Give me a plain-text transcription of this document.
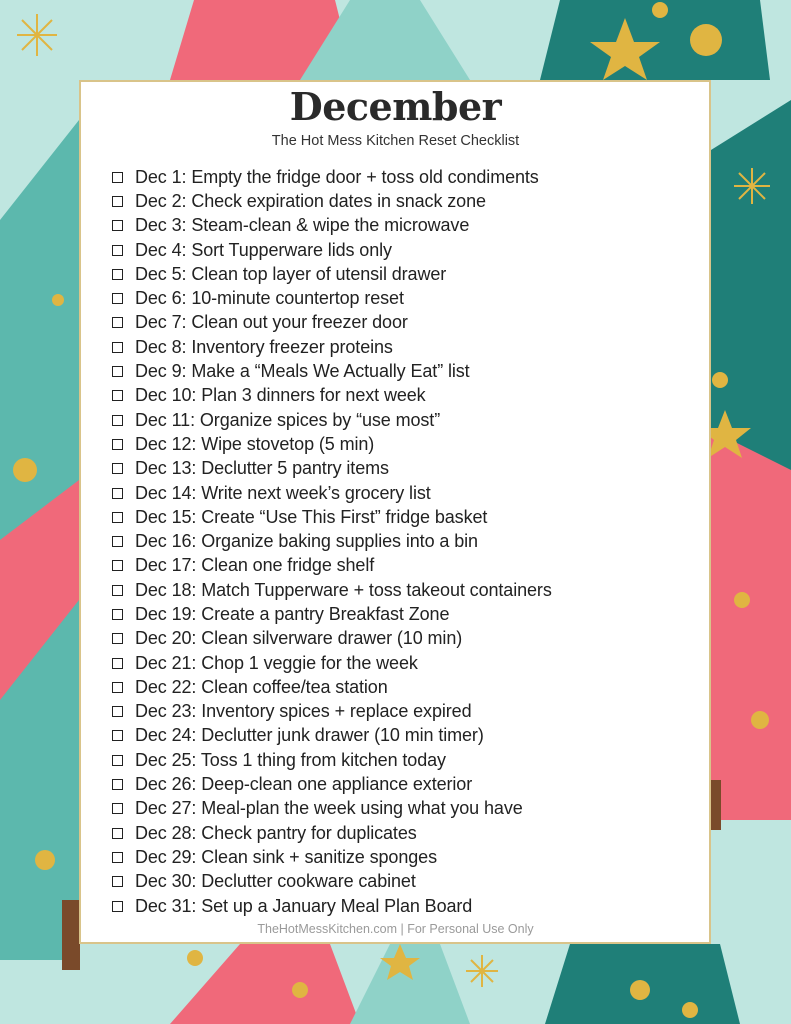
December
The Hot Mess Kitchen Reset Checklist
Dec 1: Empty the fridge door + toss old condiments
Dec 2: Check expiration dates in snack zone
Dec 3: Steam-clean & wipe the microwave
Dec 4: Sort Tupperware lids only
Dec 5: Clean top layer of utensil drawer
Dec 6: 10-minute countertop reset
Dec 7: Clean out your freezer door
Dec 8: Inventory freezer proteins
Dec 9: Make a “Meals We Actually Eat” list
Dec 10: Plan 3 dinners for next week
Dec 11: Organize spices by “use most”
Dec 12: Wipe stovetop (5 min)
Dec 13: Declutter 5 pantry items
Dec 14: Write next week’s grocery list
Dec 15: Create “Use This First” fridge basket
Dec 16: Organize baking supplies into a bin
Dec 17: Clean one fridge shelf
Dec 18: Match Tupperware + toss takeout containers
Dec 19: Create a pantry Breakfast Zone
Dec 20: Clean silverware drawer (10 min)
Dec 21: Chop 1 veggie for the week
Dec 22: Clean coffee/tea station
Dec 23: Inventory spices + replace expired
Dec 24: Declutter junk drawer (10 min timer)
Dec 25: Toss 1 thing from kitchen today
Dec 26: Deep-clean one appliance exterior
Dec 27: Meal-plan the week using what you have
Dec 28: Check pantry for duplicates
Dec 29: Clean sink + sanitize sponges
Dec 30: Declutter cookware cabinet
Dec 31: Set up a January Meal Plan Board
TheHotMessKitchen.com | For Personal Use Only
